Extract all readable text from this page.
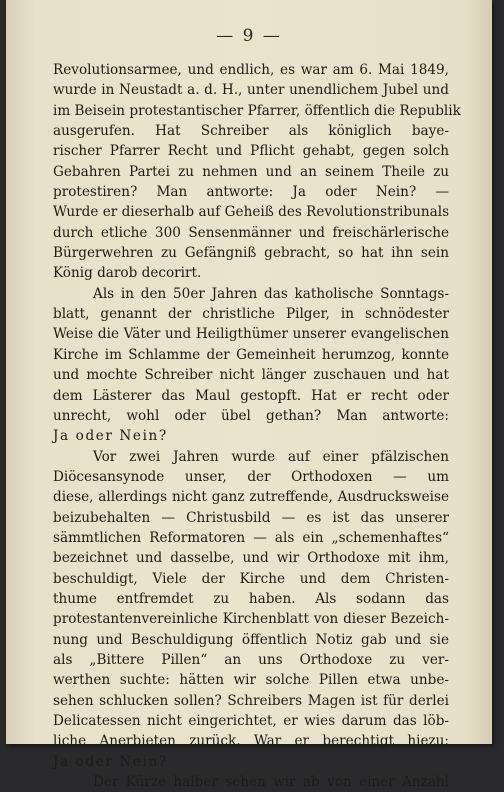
— 9 —
Revolutionsarmee, und endlich, es war am 6. Mai 1849,
wurde in Neustadt a. d. H., unter unendlichem Jubel und
im Beisein protestantischer Pfarrer, öffentlich die Republik
ausgerufen. Hat Schreiber als königlich baye-
rischer Pfarrer Recht und Pflicht gehabt, gegen solch
Gebahren Partei zu nehmen und an seinem Theile zu
protestiren? Man antworte: Ja oder Nein? —
Wurde er dieserhalb auf Geheiß des Revolutionstribunals
durch etliche 300 Sensenmänner und freischärlerische
Bürgerwehren zu Gefängniß gebracht, so hat ihn sein
König darob decorirt.
Als in den 50er Jahren das katholische Sonntags-
blatt, genannt der christliche Pilger, in schnödester
Weise die Väter und Heiligthümer unserer evangelischen
Kirche im Schlamme der Gemeinheit herumzog, konnte
und mochte Schreiber nicht länger zuschauen und hat
dem Lästerer das Maul gestopft. Hat er recht oder
unrecht, wohl oder übel gethan? Man antworte:
Ja oder Nein?
Vor zwei Jahren wurde auf einer pfälzischen
Diöcesansynode unser, der Orthodoxen — um
diese, allerdings nicht ganz zutreffende, Ausdrucksweise
beizubehalten — Christusbild — es ist das unserer
sämmtlichen Reformatoren — als ein „schemenhaftes“
bezeichnet und dasselbe, und wir Orthodoxe mit ihm,
beschuldigt, Viele der Kirche und dem Christen-
thume entfremdet zu haben. Als sodann das
protestantenvereinliche Kirchenblatt von dieser Bezeich-
nung und Beschuldigung öffentlich Notiz gab und sie
als „Bittere Pillen“ an uns Orthodoxe zu ver-
werthen suchte: hätten wir solche Pillen etwa unbe-
sehen schlucken sollen? Schreibers Magen ist für derlei
Delicatessen nicht eingerichtet, er wies darum das löb-
liche Anerbieten zurück. War er berechtigt hiezu:
Ja oder Nein?
Der Kürze halber sehen wir ab von einer Anzahl
